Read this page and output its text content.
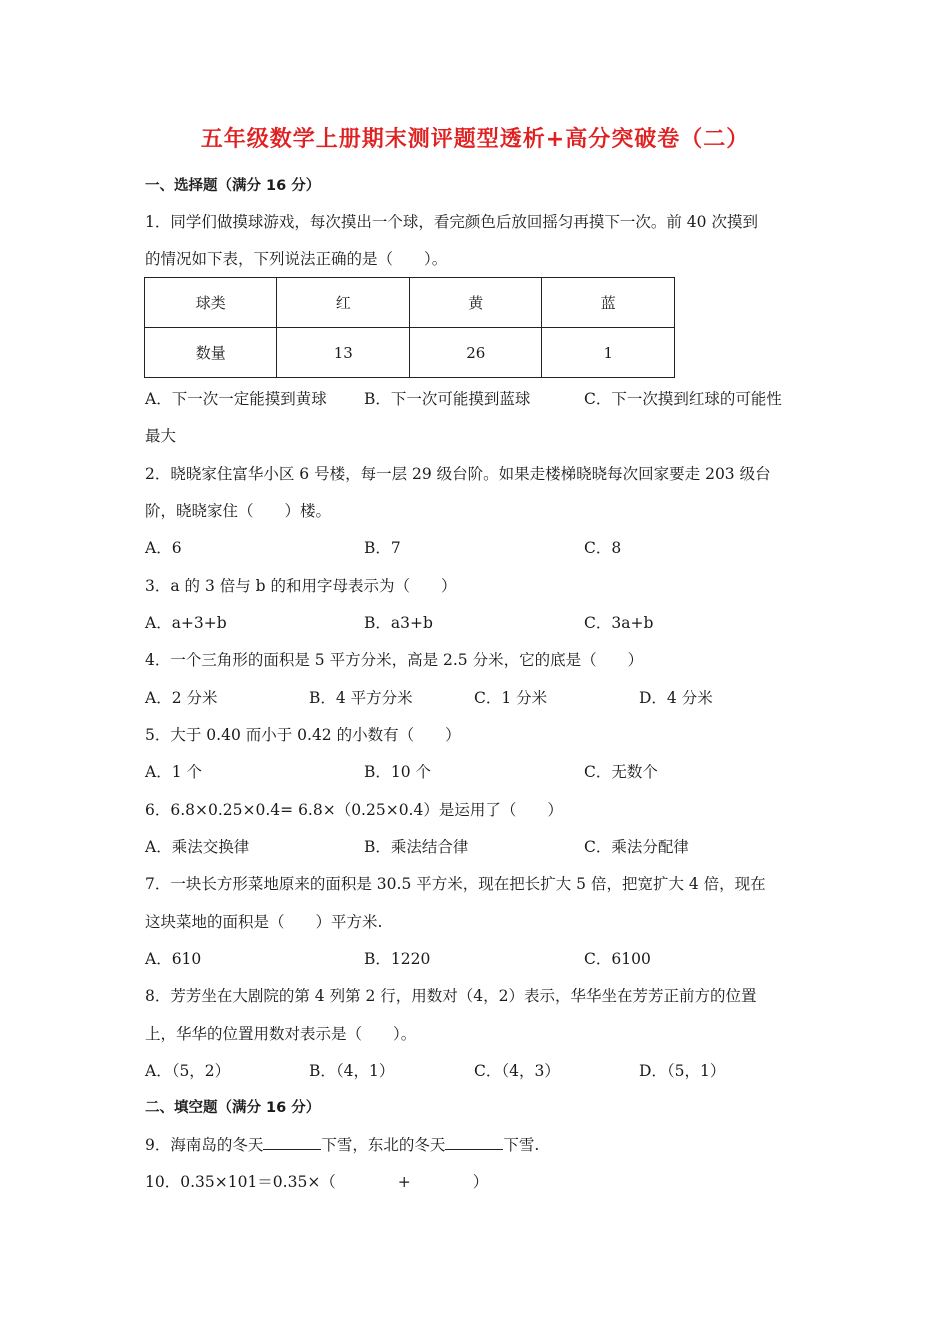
五年级数学上册期末测评题型透析+高分突破卷（二）
一、选择题（满分 16 分）
1．同学们做摸球游戏，每次摸出一个球，看完颜色后放回摇匀再摸下一次。前 40 次摸到
的情况如下表，下列说法正确的是（　　）。
球类	红	黄	蓝
数量	13	26	1
A．下一次一定能摸到黄球 B．下一次可能摸到蓝球	C．下一次摸到红球的可能性
最大
2．晓晓家住富华小区 6 号楼，每一层 29 级台阶。如果走楼梯晓晓每次回家要走 203 级台
阶，晓晓家住（　　）楼。
A．6	B．7	C．8
3．a 的 3 倍与 b 的和用字母表示为（　　）
A．a+3+b	B．a3+b	C．3a+b
4．一个三角形的面积是 5 平方分米，高是 2.5 分米，它的底是（　　）
A．2 分米	B．4 平方分米	C．1 分米	D．4 分米
5．大于 0.40 而小于 0.42 的小数有（　　）
A．1 个	B．10 个	C．无数个
6．6.8×0.25×0.4= 6.8×（0.25×0.4）是运用了（　　）
A．乘法交换律	B．乘法结合律	C．乘法分配律
7．一块长方形菜地原来的面积是 30.5 平方米，现在把长扩大 5 倍，把宽扩大 4 倍，现在
这块菜地的面积是（　　）平方米.
A．610	B．1220	C．6100
8．芳芳坐在大剧院的第 4 列第 2 行，用数对（4，2）表示，华华坐在芳芳正前方的位置
上，华华的位置用数对表示是（　　）。
A．（5，2）	B．（4，1）	C．（4，3）	D．（5，1）
二、填空题（满分 16 分）
9．海南岛的冬天	下雪，东北的冬天	下雪.
10．0.35×101＝0.35×（　　　　+　　　　）
